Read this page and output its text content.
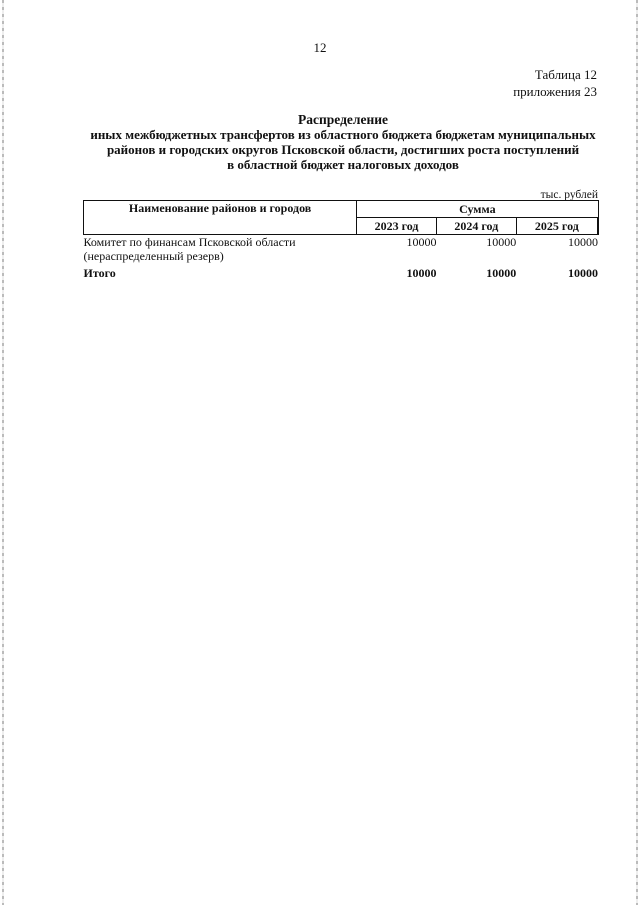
12
Таблица 12
приложения 23
Распределение
иных межбюджетных трансфертов из областного бюджета бюджетам муниципальных
районов и городских округов Псковской области, достигших роста поступлений
в областной бюджет налоговых доходов
тыс. рублей
Наименование районов и городов	Сумма		
	2023 год	2024 год	2025 год

Комитет по финансам Псковской области
(нераспределенный резерв)	10000	10000	10000
Итого	10000	10000	10000
